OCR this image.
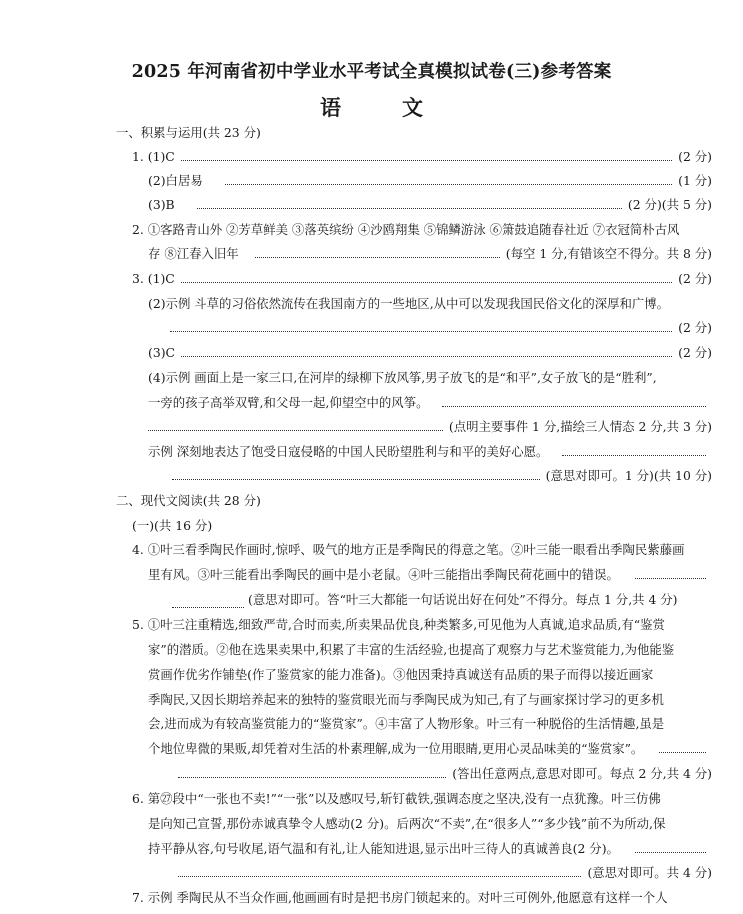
2025 年河南省初中学业水平考试全真模拟试卷(三)参考答案
语　文
一、积累与运用(共 23 分)
1. (1)C	(2 分)
(2)白居易	(1 分)
(3)B	(2 分)(共 5 分)
2. ①客路青山外 ②芳草鲜美 ③落英缤纷 ④沙鸥翔集 ⑤锦鳞游泳 ⑥箫鼓追随春社近 ⑦衣冠简朴古风
存 ⑧江春入旧年	(每空 1 分,有错该空不得分。共 8 分)
3. (1)C	(2 分)
(2)示例 斗草的习俗依然流传在我国南方的一些地区,从中可以发现我国民俗文化的深厚和广博。
(2 分)
(3)C	(2 分)
(4)示例 画面上是一家三口,在河岸的绿柳下放风筝,男子放飞的是“和平”,女子放飞的是“胜利”,
一旁的孩子高举双臂,和父母一起,仰望空中的风筝。
(点明主要事件 1 分,描绘三人情态 2 分,共 3 分)
示例 深刻地表达了饱受日寇侵略的中国人民盼望胜利与和平的美好心愿。
(意思对即可。1 分)(共 10 分)
二、现代文阅读(共 28 分)
(一)(共 16 分)
4. ①叶三看季陶民作画时,惊呼、吸气的地方正是季陶民的得意之笔。②叶三能一眼看出季陶民紫藤画
里有风。③叶三能看出季陶民的画中是小老鼠。④叶三能指出季陶民荷花画中的错误。
(意思对即可。答“叶三大都能一句话说出好在何处”不得分。每点 1 分,共 4 分)
5. ①叶三注重精选,细致严苛,合时而卖,所卖果品优良,种类繁多,可见他为人真诚,追求品质,有“鉴赏
家”的潜质。②他在选果卖果中,积累了丰富的生活经验,也提高了观察力与艺术鉴赏能力,为他能鉴
赏画作优劣作铺垫(作了鉴赏家的能力准备)。③他因秉持真诚送有品质的果子而得以接近画家
季陶民,又因长期培养起来的独特的鉴赏眼光而与季陶民成为知己,有了与画家探讨学习的更多机
会,进而成为有较高鉴赏能力的“鉴赏家”。④丰富了人物形象。叶三有一种脱俗的生活情趣,虽是
个地位卑微的果贩,却凭着对生活的朴素理解,成为一位用眼睛,更用心灵品味美的“鉴赏家”。
(答出任意两点,意思对即可。每点 2 分,共 4 分)
6. 第㉗段中“一张也不卖!”“一张”以及感叹号,斩钉截铁,强调态度之坚决,没有一点犹豫。叶三仿佛
是向知己宣誓,那份赤诚真挚令人感动(2 分)。后两次“不卖”,在“很多人”“多少钱”前不为所动,保
持平静从容,句号收尾,语气温和有礼,让人能知进退,显示出叶三待人的真诚善良(2 分)。
(意思对即可。共 4 分)
7. 示例 季陶民从不当众作画,他画画有时是把书房门锁起来的。对叶三可例外,他愿意有这样一个人
